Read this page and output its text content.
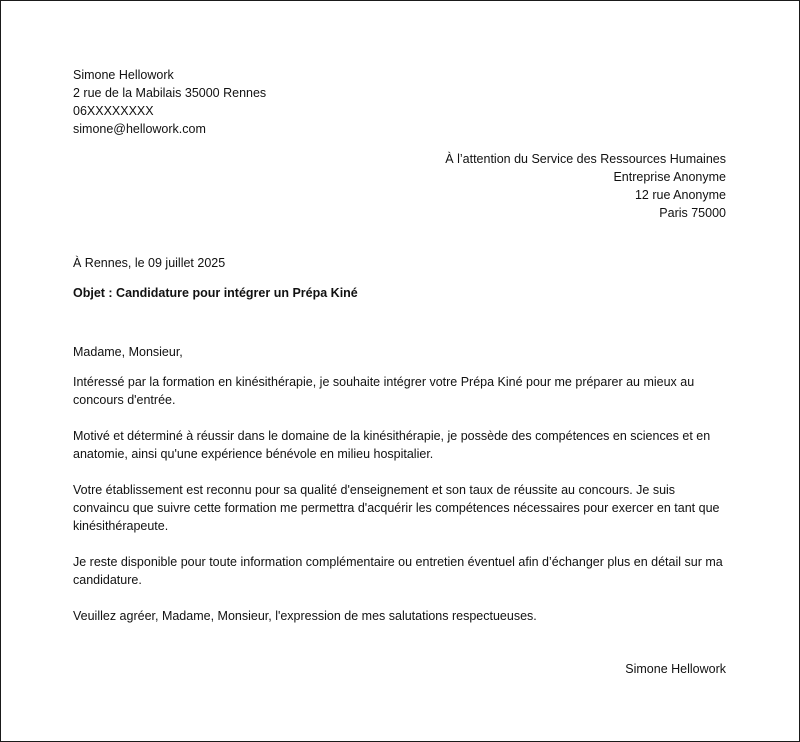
Simone Hellowork
2 rue de la Mabilais 35000 Rennes
06XXXXXXXX
simone@hellowork.com
À l’attention du Service des Ressources Humaines
Entreprise Anonyme
12 rue Anonyme
Paris 75000
À Rennes, le 09 juillet 2025
Objet : Candidature pour intégrer un Prépa Kiné

Madame, Monsieur,

Intéressé par la formation en kinésithérapie, je souhaite intégrer votre Prépa Kiné pour me préparer au mieux au concours d'entrée.

Motivé et déterminé à réussir dans le domaine de la kinésithérapie, je possède des compétences en sciences et en anatomie, ainsi qu'une expérience bénévole en milieu hospitalier.

Votre établissement est reconnu pour sa qualité d'enseignement et son taux de réussite au concours. Je suis convaincu que suivre cette formation me permettra d'acquérir les compétences nécessaires pour exercer en tant que kinésithérapeute.

Je reste disponible pour toute information complémentaire ou entretien éventuel afin d’échanger plus en détail sur ma candidature.

Veuillez agréer, Madame, Monsieur, l'expression de mes salutations respectueuses.

Simone Hellowork
